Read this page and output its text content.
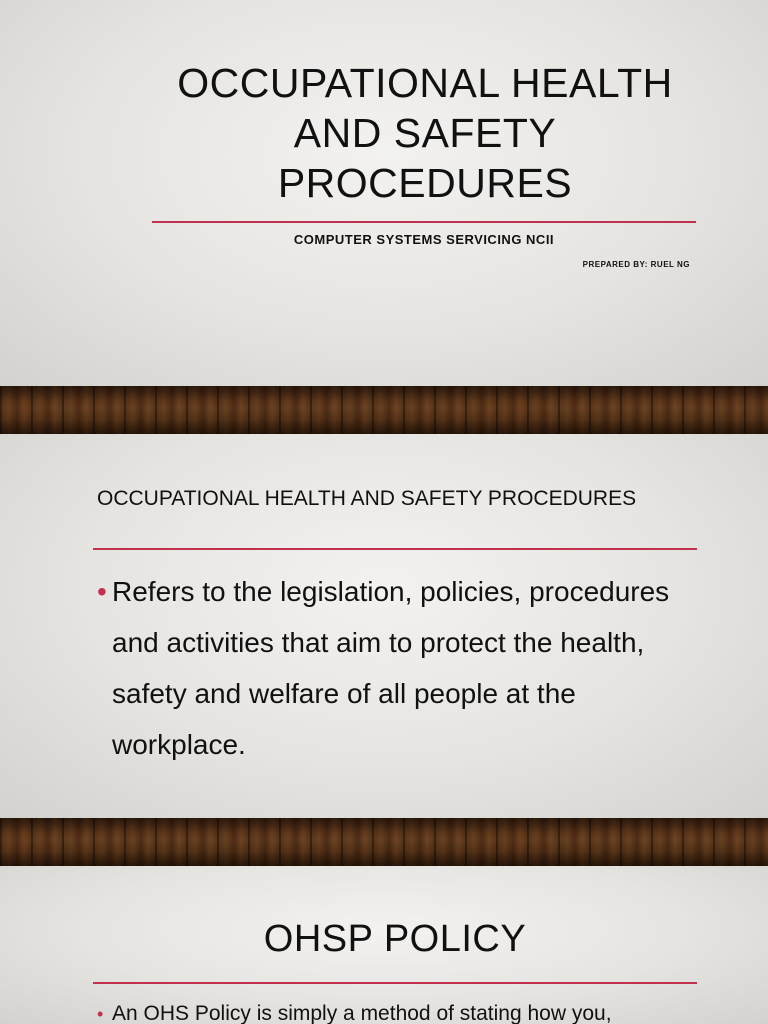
OCCUPATIONAL HEALTH AND SAFETY PROCEDURES
COMPUTER SYSTEMS SERVICING NCII
PREPARED BY: RUEL NG
OCCUPATIONAL HEALTH AND SAFETY PROCEDURES
• Refers to the legislation, policies, procedures and activities that aim to protect the health, safety and welfare of all people at the workplace.
OHSP POLICY
• An OHS Policy is simply a method of stating how you,
